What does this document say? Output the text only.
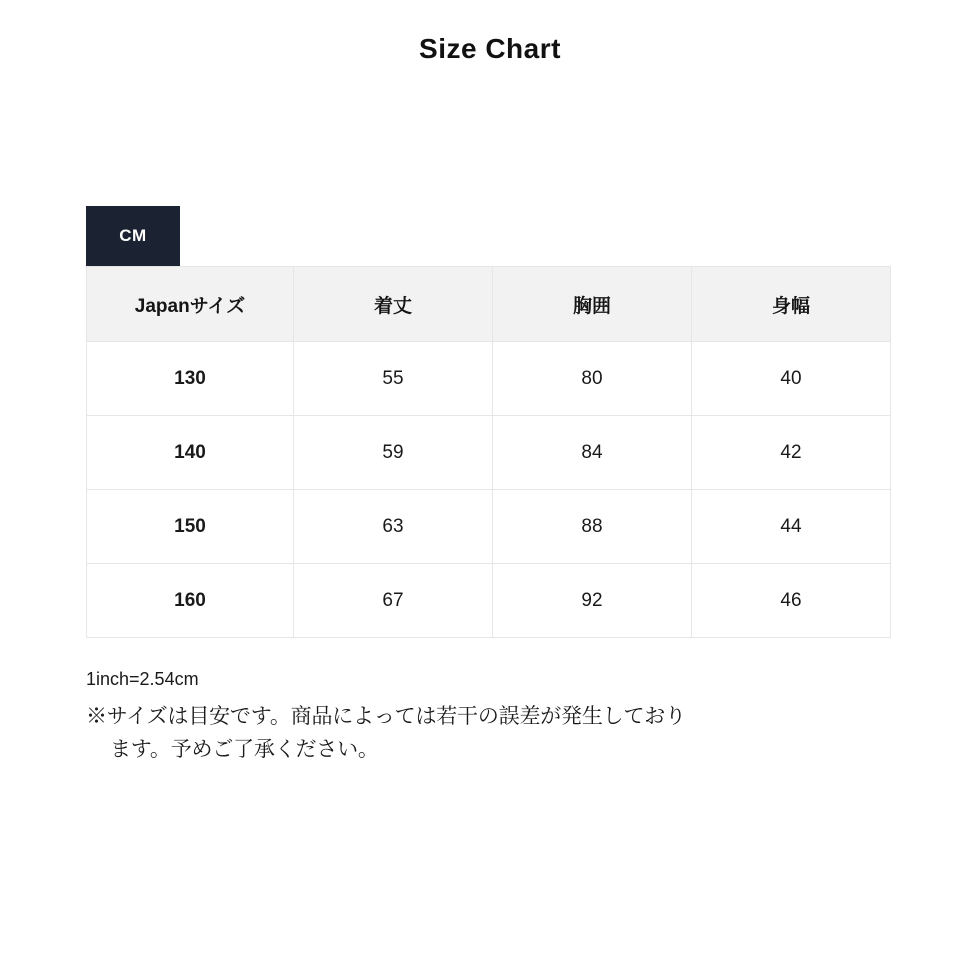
Size Chart
CM
Japanサイズ	着丈	胸囲	身幅
130	55	80	40
140	59	84	42
150	63	88	44
160	67	92	46

1inch=2.54cm

※サイズは目安です。商品によっては若干の誤差が発生しており
ます。予めご了承ください。
